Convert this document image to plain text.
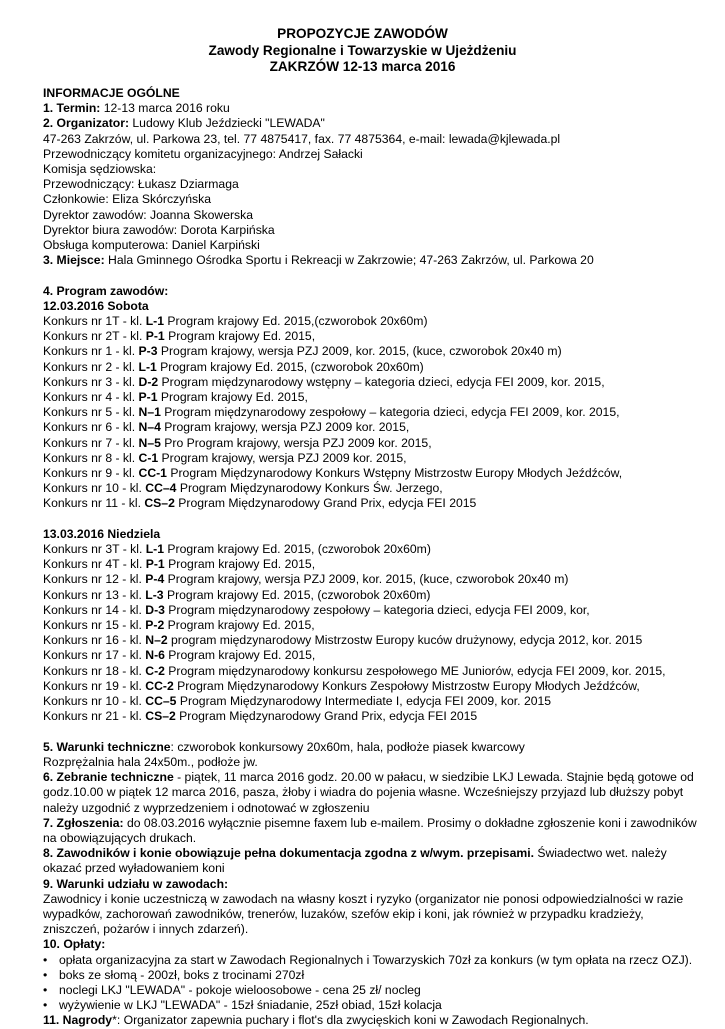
PROPOZYCJE ZAWODÓW
Zawody Regionalne i Towarzyskie w Ujeżdżeniu
ZAKRZÓW 12-13 marca 2016
INFORMACJE OGÓLNE
1. Termin: 12-13 marca 2016 roku
2. Organizator: Ludowy Klub Jeździecki "LEWADA"
47-263 Zakrzów, ul. Parkowa 23, tel. 77 4875417, fax. 77 4875364, e-mail: lewada@kjlewada.pl
Przewodniczący komitetu organizacyjnego: Andrzej Sałacki
Komisja sędziowska:
Przewodniczący: Łukasz Dziarmaga
Członkowie: Eliza Skórczyńska
Dyrektor zawodów: Joanna Skowerska
Dyrektor biura zawodów: Dorota Karpińska
Obsługa komputerowa: Daniel Karpiński
3. Miejsce: Hala Gminnego Ośrodka Sportu i Rekreacji w Zakrzowie; 47-263 Zakrzów, ul. Parkowa 20
4. Program zawodów:
12.03.2016 Sobota
Konkurs nr 1T - kl. L-1 Program krajowy Ed. 2015,(czworobok 20x60m)
Konkurs nr 2T - kl. P-1 Program krajowy Ed. 2015,
Konkurs nr 1 - kl. P-3 Program krajowy, wersja PZJ 2009, kor. 2015, (kuce, czworobok 20x40 m)
Konkurs nr 2 - kl. L-1 Program krajowy Ed. 2015, (czworobok 20x60m)
Konkurs nr 3 - kl. D-2 Program międzynarodowy wstępny – kategoria dzieci, edycja FEI 2009, kor. 2015,
Konkurs nr 4 - kl. P-1 Program krajowy Ed. 2015,
Konkurs nr 5 - kl. N–1 Program międzynarodowy zespołowy – kategoria dzieci, edycja FEI 2009, kor. 2015,
Konkurs nr 6 - kl. N–4 Program krajowy, wersja PZJ 2009 kor. 2015,
Konkurs nr 7 - kl. N–5 Pro Program krajowy, wersja PZJ 2009 kor. 2015,
Konkurs nr 8 - kl. C-1 Program krajowy, wersja PZJ 2009 kor. 2015,
Konkurs nr 9 - kl. CC-1 Program Międzynarodowy Konkurs Wstępny Mistrzostw Europy Młodych Jeźdźców,
Konkurs nr 10 - kl. CC–4 Program Międzynarodowy Konkurs Św. Jerzego,
Konkurs nr 11 - kl. CS–2 Program Międzynarodowy Grand Prix, edycja FEI 2015
13.03.2016 Niedziela
Konkurs nr 3T - kl. L-1 Program krajowy Ed. 2015, (czworobok 20x60m)
Konkurs nr 4T - kl. P-1 Program krajowy Ed. 2015,
Konkurs nr 12 - kl. P-4 Program krajowy, wersja PZJ 2009, kor. 2015, (kuce, czworobok 20x40 m)
Konkurs nr 13 - kl. L-3 Program krajowy Ed. 2015, (czworobok 20x60m)
Konkurs nr 14 - kl. D-3 Program międzynarodowy zespołowy – kategoria dzieci, edycja FEI 2009, kor,
Konkurs nr 15 - kl. P-2 Program krajowy Ed. 2015,
Konkurs nr 16 - kl. N–2 program międzynarodowy Mistrzostw Europy kuców drużynowy, edycja 2012, kor. 2015
Konkurs nr 17 - kl. N-6 Program krajowy Ed. 2015,
Konkurs nr 18 - kl. C-2 Program międzynarodowy konkursu zespołowego ME Juniorów, edycja FEI 2009, kor. 2015,
Konkurs nr 19 - kl. CC-2 Program Międzynarodowy Konkurs Zespołowy Mistrzostw Europy Młodych Jeźdźców,
Konkurs nr 10 - kl. CC–5 Program Międzynarodowy Intermediate I, edycja FEI 2009, kor. 2015
Konkurs nr 21 - kl. CS–2 Program Międzynarodowy Grand Prix, edycja FEI 2015
5. Warunki techniczne: czworobok konkursowy 20x60m, hala, podłoże piasek kwarcowy
Rozprężalnia hala 24x50m., podłoże jw.
6. Zebranie techniczne - piątek, 11 marca 2016 godz. 20.00 w pałacu, w siedzibie LKJ Lewada. Stajnie będą gotowe od godz.10.00 w piątek 12 marca 2016, pasza, żłoby i wiadra do pojenia własne. Wcześniejszy przyjazd lub dłuższy pobyt należy uzgodnić z wyprzedzeniem i odnotować w zgłoszeniu
7. Zgłoszenia: do 08.03.2016 wyłącznie pisemne faxem lub e-mailem. Prosimy o dokładne zgłoszenie koni i zawodników na obowiązujących drukach.
8. Zawodników i konie obowiązuje pełna dokumentacja zgodna z w/wym. przepisami. Świadectwo wet. należy okazać przed wyładowaniem koni
9. Warunki udziału w zawodach:
Zawodnicy i konie uczestniczą w zawodach na własny koszt i ryzyko (organizator nie ponosi odpowiedzialności w razie wypadków, zachorowań zawodników, trenerów, luzaków, szefów ekip i koni, jak również w przypadku kradzieży, zniszczeń, pożarów i innych zdarzeń).
10. Opłaty:
• opłata organizacyjna za start w Zawodach Regionalnych i Towarzyskich 70zł za konkurs (w tym opłata na rzecz OZJ).
• boks ze słomą - 200zł, boks z trocinami 270zł
• noclegi LKJ "LEWADA" - pokoje wieloosobowe - cena 25 zł/ nocleg
• wyżywienie w LKJ "LEWADA" - 15zł śniadanie, 25zł obiad, 15zł kolacja
11. Nagrody*: Organizator zapewnia puchary i flot's dla zwycięskich koni w Zawodach Regionalnych.
